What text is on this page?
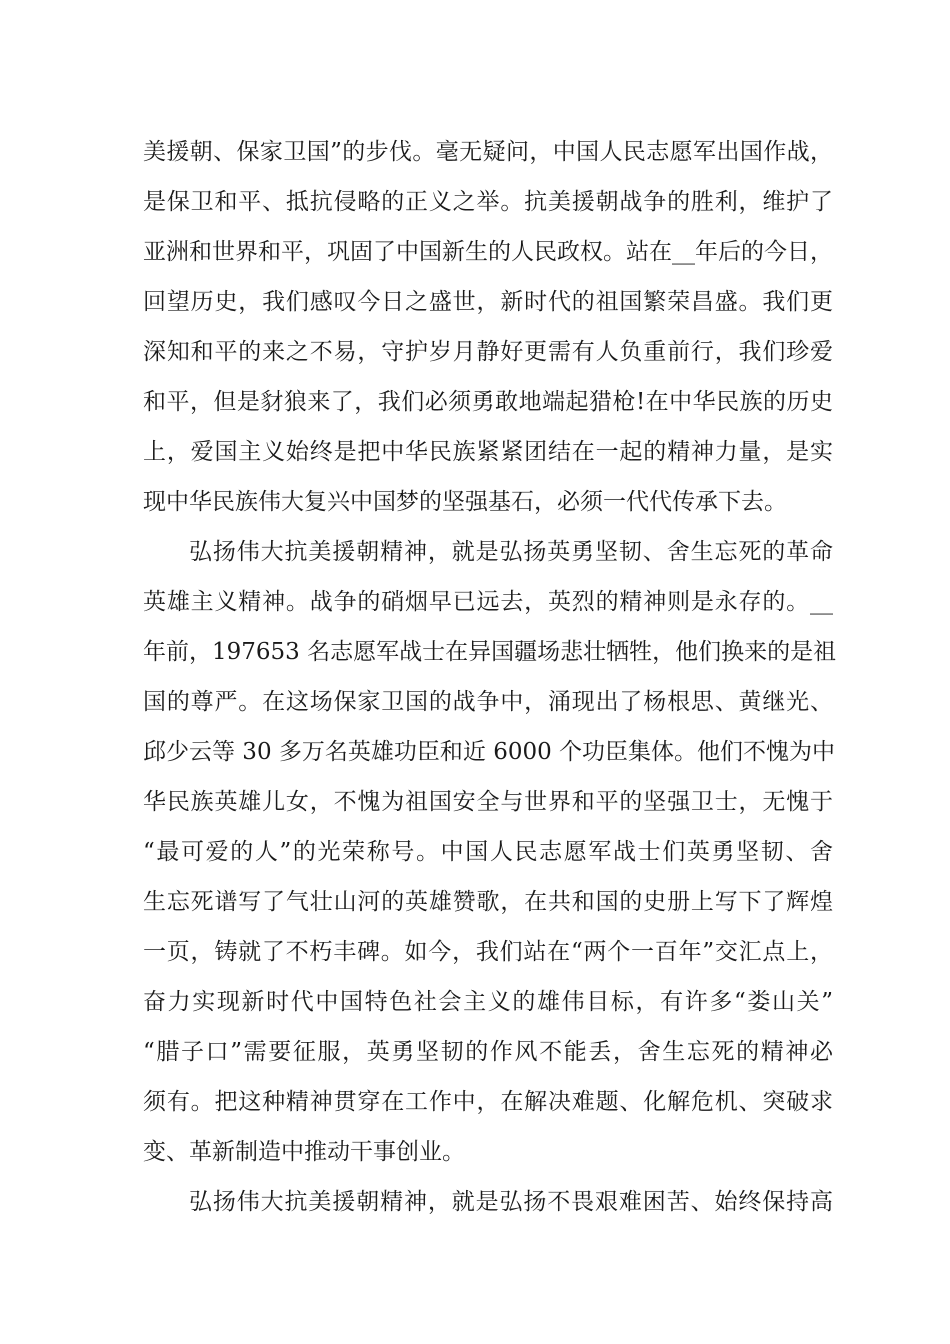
美援朝、保家卫国”的步伐。毫无疑问，中国人民志愿军出国作战，
是保卫和平、抵抗侵略的正义之举。抗美援朝战争的胜利，维护了
亚洲和世界和平，巩固了中国新生的人民政权。站在__年后的今日，
回望历史，我们感叹今日之盛世，新时代的祖国繁荣昌盛。我们更
深知和平的来之不易，守护岁月静好更需有人负重前行，我们珍爱
和平，但是豺狼来了，我们必须勇敢地端起猎枪!在中华民族的历史
上，爱国主义始终是把中华民族紧紧团结在一起的精神力量，是实
现中华民族伟大复兴中国梦的坚强基石，必须一代代传承下去。
弘扬伟大抗美援朝精神，就是弘扬英勇坚韧、舍生忘死的革命
英雄主义精神。战争的硝烟早已远去，英烈的精神则是永存的。__
年前，197653 名志愿军战士在异国疆场悲壮牺牲，他们换来的是祖
国的尊严。在这场保家卫国的战争中，涌现出了杨根思、黄继光、
邱少云等 30 多万名英雄功臣和近 6000 个功臣集体。他们不愧为中
华民族英雄儿女，不愧为祖国安全与世界和平的坚强卫士，无愧于
“最可爱的人”的光荣称号。中国人民志愿军战士们英勇坚韧、舍
生忘死谱写了气壮山河的英雄赞歌，在共和国的史册上写下了辉煌
一页，铸就了不朽丰碑。如今，我们站在“两个一百年”交汇点上，
奋力实现新时代中国特色社会主义的雄伟目标，有许多“娄山关”
“腊子口”需要征服，英勇坚韧的作风不能丢，舍生忘死的精神必
须有。把这种精神贯穿在工作中，在解决难题、化解危机、突破求
变、革新制造中推动干事创业。
弘扬伟大抗美援朝精神，就是弘扬不畏艰难困苦、始终保持高
